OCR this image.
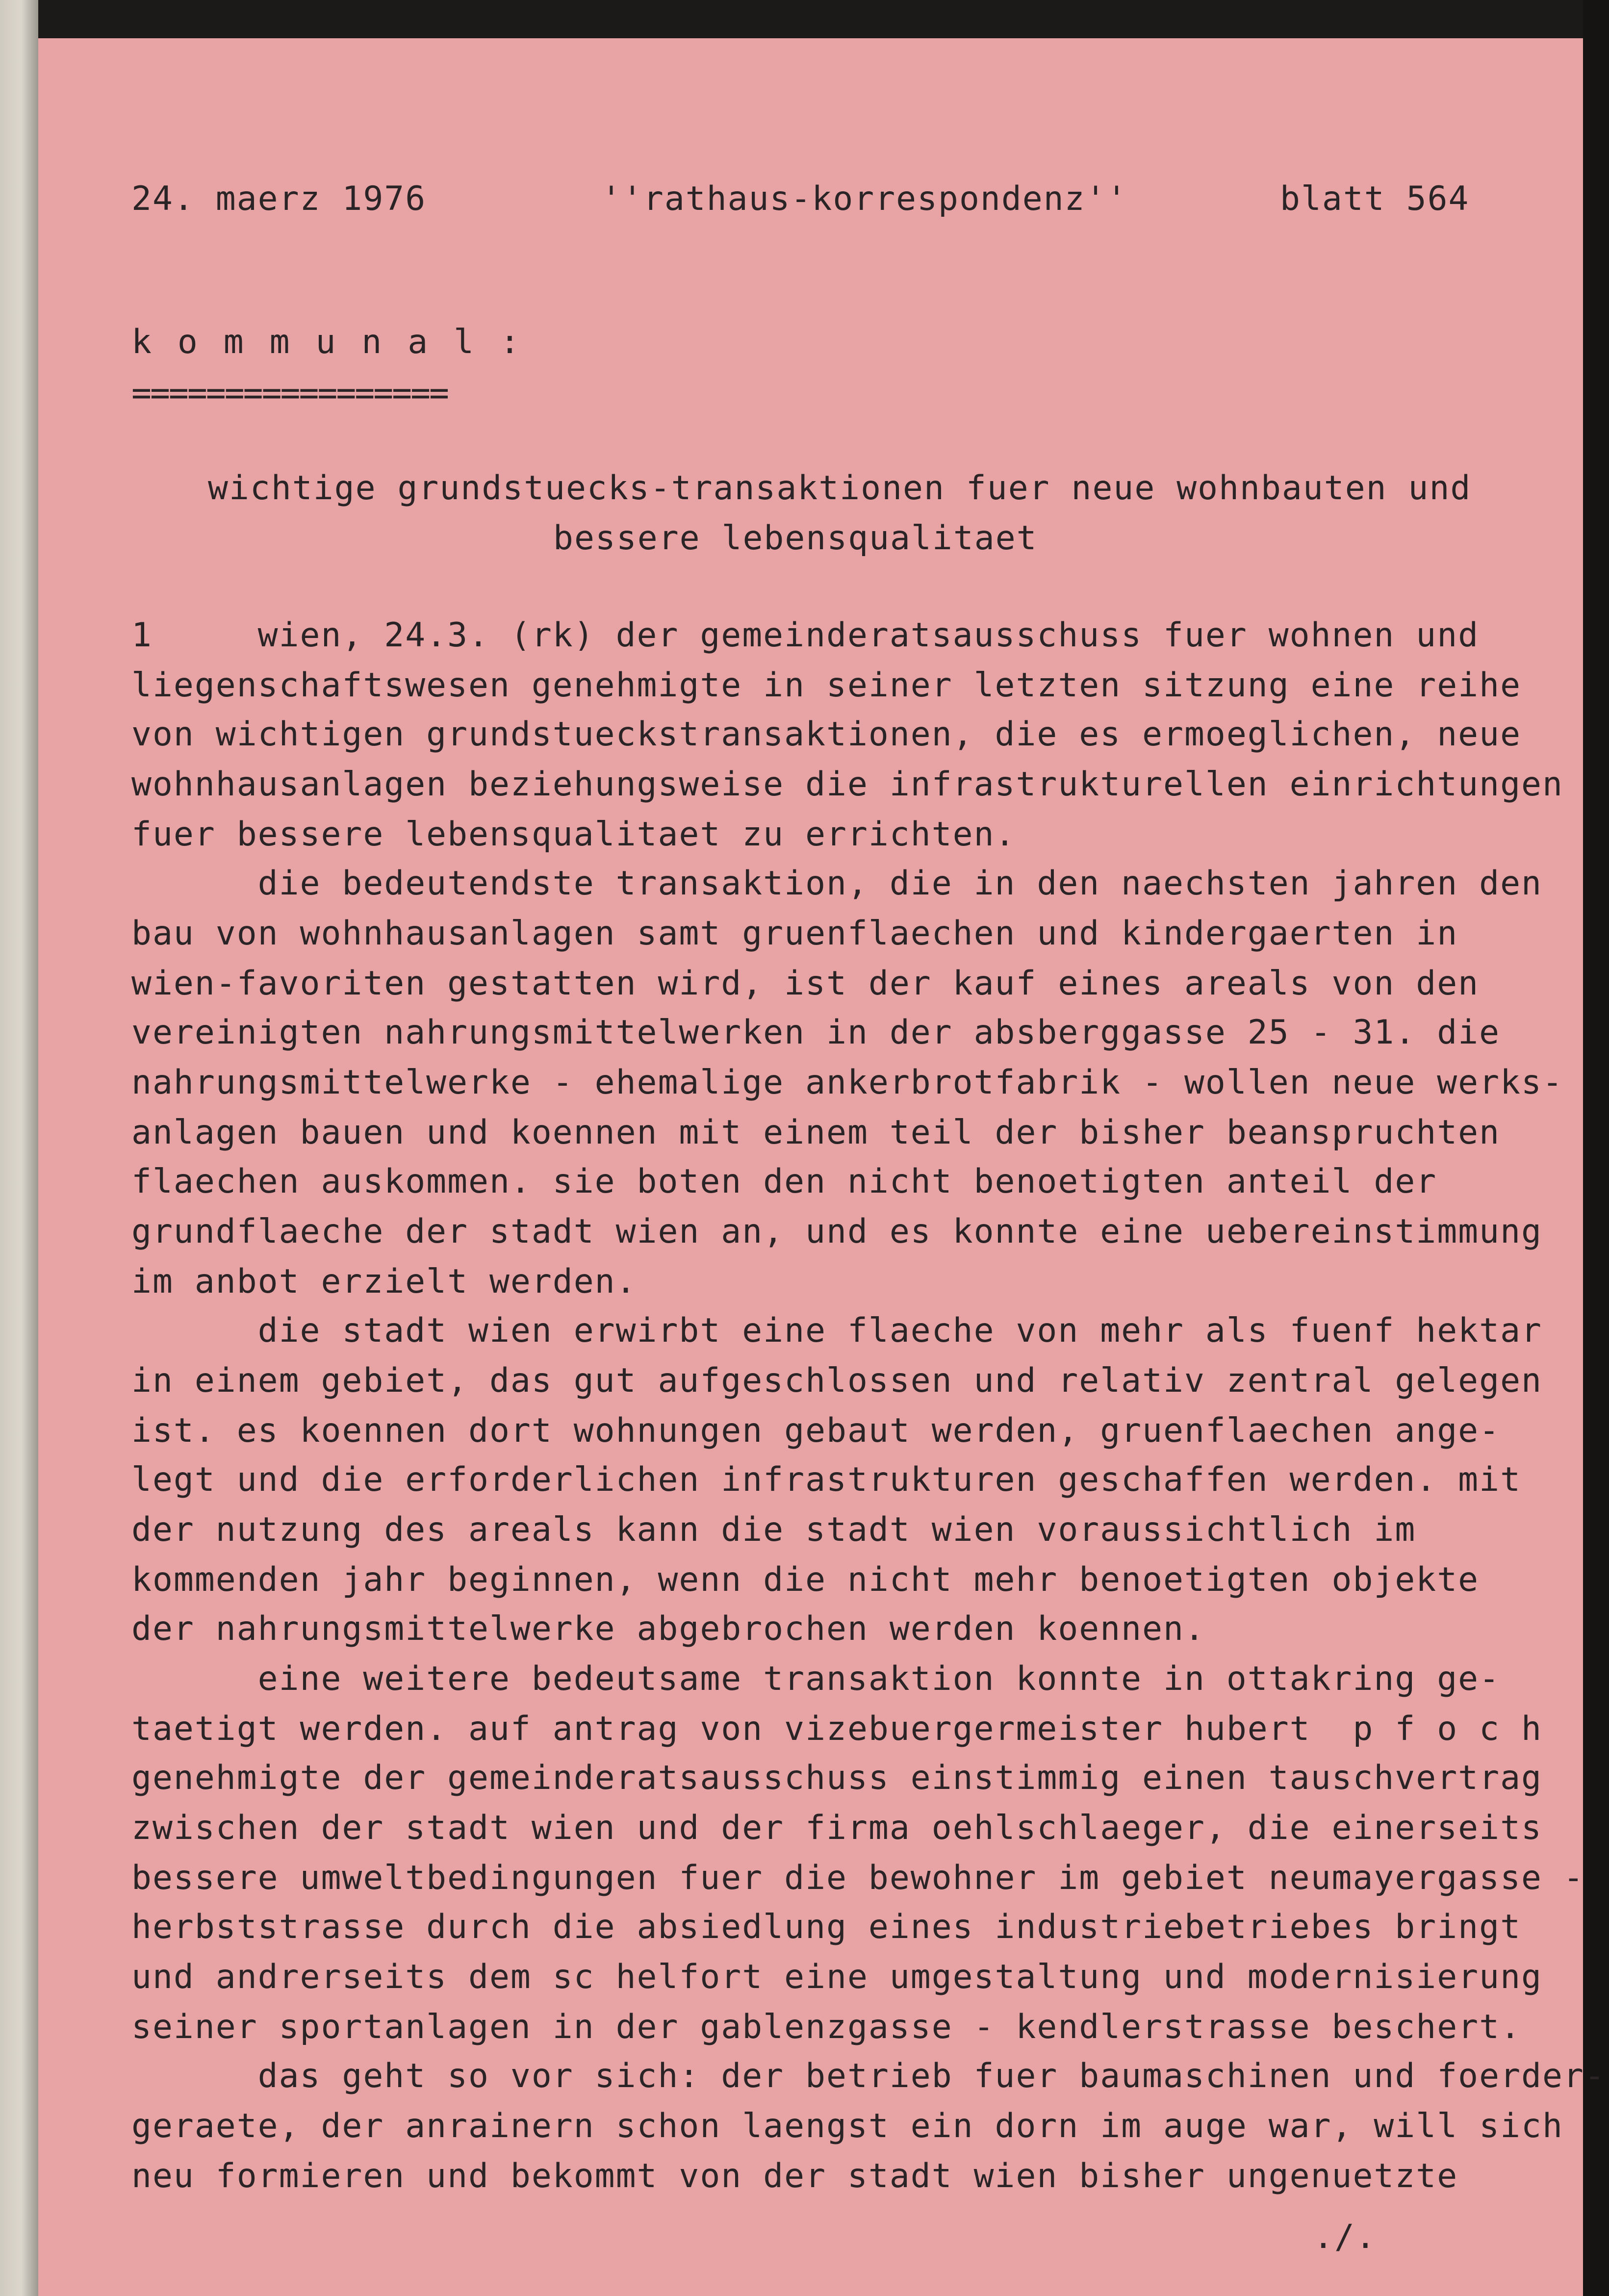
24. maerz 1976	''rathaus-korrespondenz''	blatt 564
k o m m u n a l :
=================
wichtige grundstuecks-transaktionen fuer neue wohnbauten und
bessere lebensqualitaet
1     wien, 24.3. (rk) der gemeinderatsausschuss fuer wohnen und
liegenschaftswesen genehmigte in seiner letzten sitzung eine reihe
von wichtigen grundstueckstransaktionen, die es ermoeglichen, neue
wohnhausanlagen beziehungsweise die infrastrukturellen einrichtungen
fuer bessere lebensqualitaet zu errichten.
die bedeutendste transaktion, die in den naechsten jahren den
bau von wohnhausanlagen samt gruenflaechen und kindergaerten in
wien-favoriten gestatten wird, ist der kauf eines areals von den
vereinigten nahrungsmittelwerken in der absberggasse 25 - 31. die
nahrungsmittelwerke - ehemalige ankerbrotfabrik - wollen neue werks-
anlagen bauen und koennen mit einem teil der bisher beanspruchten
flaechen auskommen. sie boten den nicht benoetigten anteil der
grundflaeche der stadt wien an, und es konnte eine uebereinstimmung
im anbot erzielt werden.
die stadt wien erwirbt eine flaeche von mehr als fuenf hektar
in einem gebiet, das gut aufgeschlossen und relativ zentral gelegen
ist. es koennen dort wohnungen gebaut werden, gruenflaechen ange-
legt und die erforderlichen infrastrukturen geschaffen werden. mit
der nutzung des areals kann die stadt wien voraussichtlich im
kommenden jahr beginnen, wenn die nicht mehr benoetigten objekte
der nahrungsmittelwerke abgebrochen werden koennen.
eine weitere bedeutsame transaktion konnte in ottakring ge-
taetigt werden. auf antrag von vizebuergermeister hubert  p f o c h
genehmigte der gemeinderatsausschuss einstimmig einen tauschvertrag
zwischen der stadt wien und der firma oehlschlaeger, die einerseits
bessere umweltbedingungen fuer die bewohner im gebiet neumayergasse -
herbststrasse durch die absiedlung eines industriebetriebes bringt
und andrerseits dem sc helfort eine umgestaltung und modernisierung
seiner sportanlagen in der gablenzgasse - kendlerstrasse beschert.
das geht so vor sich: der betrieb fuer baumaschinen und foerder-
geraete, der anrainern schon laengst ein dorn im auge war, will sich
neu formieren und bekommt von der stadt wien bisher ungenuetzte
./.
